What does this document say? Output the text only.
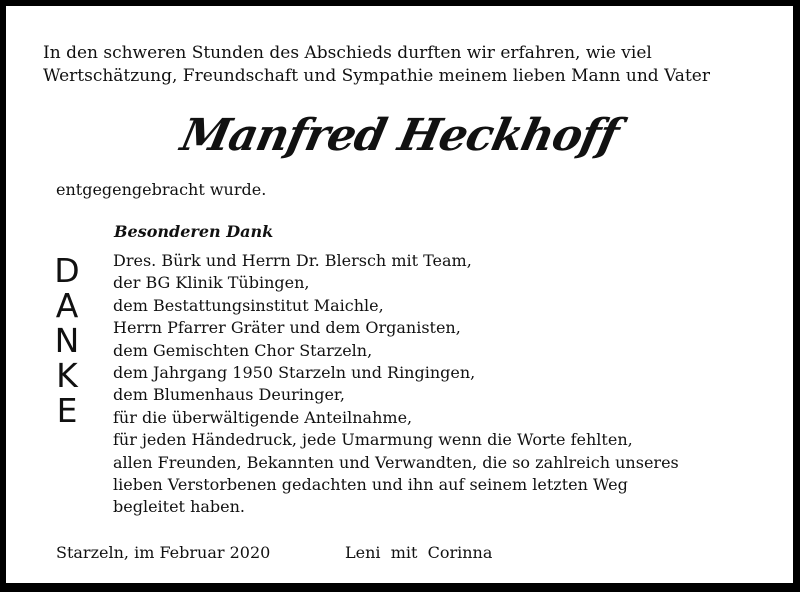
In den schweren Stunden des Abschieds durften wir erfahren, wie viel
Wertschätzung, Freundschaft und Sympathie meinem lieben Mann und Vater
Manfred Heckhoff
entgegengebracht wurde.
Besonderen Dank
D
A
N
K
E
Dres. Bürk und Herrn Dr. Blersch mit Team,
der BG Klinik Tübingen,
dem Bestattungsinstitut Maichle,
Herrn Pfarrer Gräter und dem Organisten,
dem Gemischten Chor Starzeln,
dem Jahrgang 1950 Starzeln und Ringingen,
dem Blumenhaus Deuringer,
für die überwältigende Anteilnahme,
für jeden Händedruck, jede Umarmung wenn die Worte fehlten,
allen Freunden, Bekannten und Verwandten, die so zahlreich unseres
lieben Verstorbenen gedachten und ihn auf seinem letzten Weg
begleitet haben.
Starzeln, im Februar 2020	Leni  mit  Corinna
